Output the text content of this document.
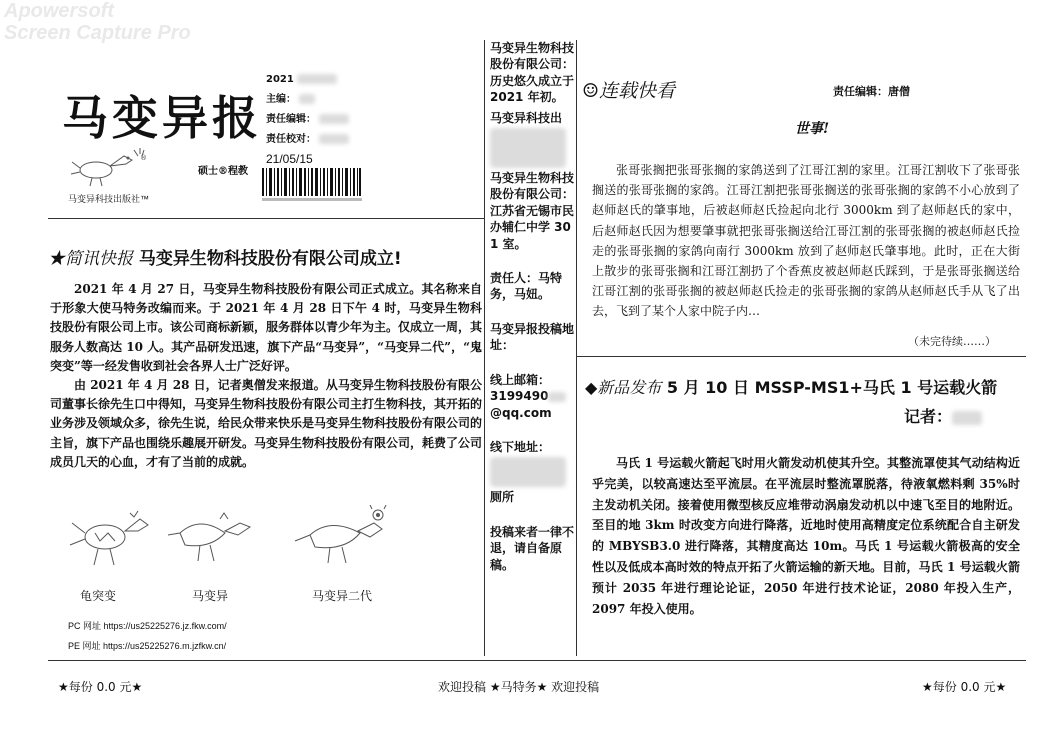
Apowersoft
Screen Capture Pro
马变异报
2021
主编：
责任编辑：
责任校对：
21/05/15
®
硕士®程教
马变异科技出版社™
★简讯快报 马变异生物科技股份有限公司成立!

2021 年 4 月 27 日，马变异生物科技股份有限公司正式成立。其名称来自于形象大使马特务改编而来。于 2021 年 4 月 28 日下午 4 时，马变异生物科技股份有限公司上市。该公司商标新颖，服务群体以青少年为主。仅成立一周，其服务人数高达 10 人。其产品研发迅速，旗下产品“马变异”，“马变异二代”，“鬼突变”等一经发售收到社会各界人士广泛好评。

由 2021 年 4 月 28 日，记者奥僧发来报道。从马变异生物科技股份有限公司董事长徐先生口中得知，马变异生物科技股份有限公司主打生物科技，其开拓的业务涉及领域众多，徐先生说，给民众带来快乐是马变异生物科技股份有限公司的主旨，旗下产品也围绕乐趣展开研发。马变异生物科技股份有限公司，耗费了公司成员几天的心血，才有了当前的成就。

龟突变	马变异	马变异二代
PC 网址 https://us25225276.jz.fkw.com/
PE 网址 https://us25225276.m.jzfkw.cn/

马变异生物科技股份有限公司：历史悠久成立于 2021 年初。

马变异科技出

马变异生物科技股份有限公司：江苏省无锡市民办辅仁中学 301 室。

责任人：马特务，马妞。

马变异报投稿地址：

线上邮箱：

3199490

@qq.com

线下地址：

厕所

投稿来者一律不退，请自备原稿。

☺连载快看	责任编辑：唐僧
世事!

张哥张搁把张哥张搁的家鸽送到了江哥江割的家里。江哥江割收下了张哥张搁送的张哥张搁的家鸽。江哥江割把张哥张搁送的张哥张搁的家鸽不小心放到了赵师赵氏的肇事地，后被赵师赵氏捡起向北行 3000km 到了赵师赵氏的家中，后赵师赵氏因为想要肇事就把张哥张搁送给江哥江割的张哥张搁的被赵师赵氏捡走的张哥张搁的家鸽向南行 3000km 放到了赵师赵氏肇事地。此时，正在大街上散步的张哥张搁和江哥江割扔了个香蕉皮被赵师赵氏踩到，于是张哥张搁送给江哥江割的张哥张搁的被赵师赵氏捡走的张哥张搁的家鸽从赵师赵氏手从飞了出去，飞到了某个人家中院子内…

（未完待续……）
◆新品发布 5 月 10 日 MSSP-MS1+马氏 1 号运载火箭
记者：

马氏 1 号运载火箭起飞时用火箭发动机使其升空。其整流罩使其气动结构近乎完美，以较高速达至平流层。在平流层时整流罩脱落，待液氧燃料剩 35%时主发动机关闭。接着使用微型核反应堆带动涡扇发动机以中速飞至目的地附近。至目的地 3km 时改变方向进行降落，近地时使用高精度定位系统配合自主研发的 MBYSB3.0 进行降落，其精度高达 10m。马氏 1 号运载火箭极高的安全性以及低成本高时效的特点开拓了火箭运输的新天地。目前，马氏 1 号运载火箭预计 2035 年进行理论论证，2050 年进行技术论证，2080 年投入生产，2097 年投入使用。

★每份 0.0 元★	欢迎投稿 ★马特务★ 欢迎投稿	★每份 0.0 元★
